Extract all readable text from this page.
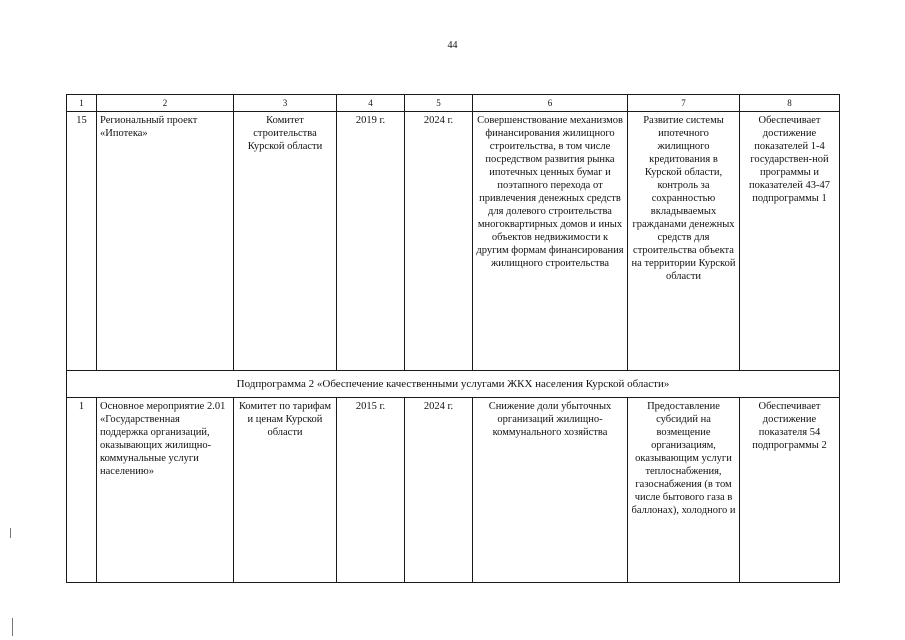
44
1	2	3	4	5	6	7	8
15	Региональный проект «Ипотека»	Комитет строительства Курской области	2019 г.	2024 г.	Совершенствование механизмов финансирования жилищного строительства, в том числе посредством развития рынка ипотечных ценных бумаг и поэтапного перехода от привлечения денежных средств для долевого строительства многоквартирных домов и иных объектов недвижимости к другим формам финансирования жилищного строительства	Развитие системы ипотечного жилищного кредитования в Курской области, контроль за сохранностью вкладываемых гражданами денежных средств для строительства объекта на территории Курской области	Обеспечивает достижение показателей 1-4 государствен-ной программы и показателей 43-47 подпрограммы 1
Подпрограмма 2 «Обеспечение качественными услугами ЖКХ населения Курской области»							
1	Основное мероприятие 2.01 «Государственная поддержка организаций, оказывающих жилищно-коммунальные услуги населению»	Комитет по тарифам и ценам Курской области	2015 г.	2024 г.	Снижение доли убыточных организаций жилищно-коммунального хозяйства	Предоставление субсидий на возмещение организациям, оказывающим услуги теплоснабжения, газоснабжения (в том числе бытового газа в баллонах), холодного и	Обеспечивает достижение показателя 54 подпрограммы 2
